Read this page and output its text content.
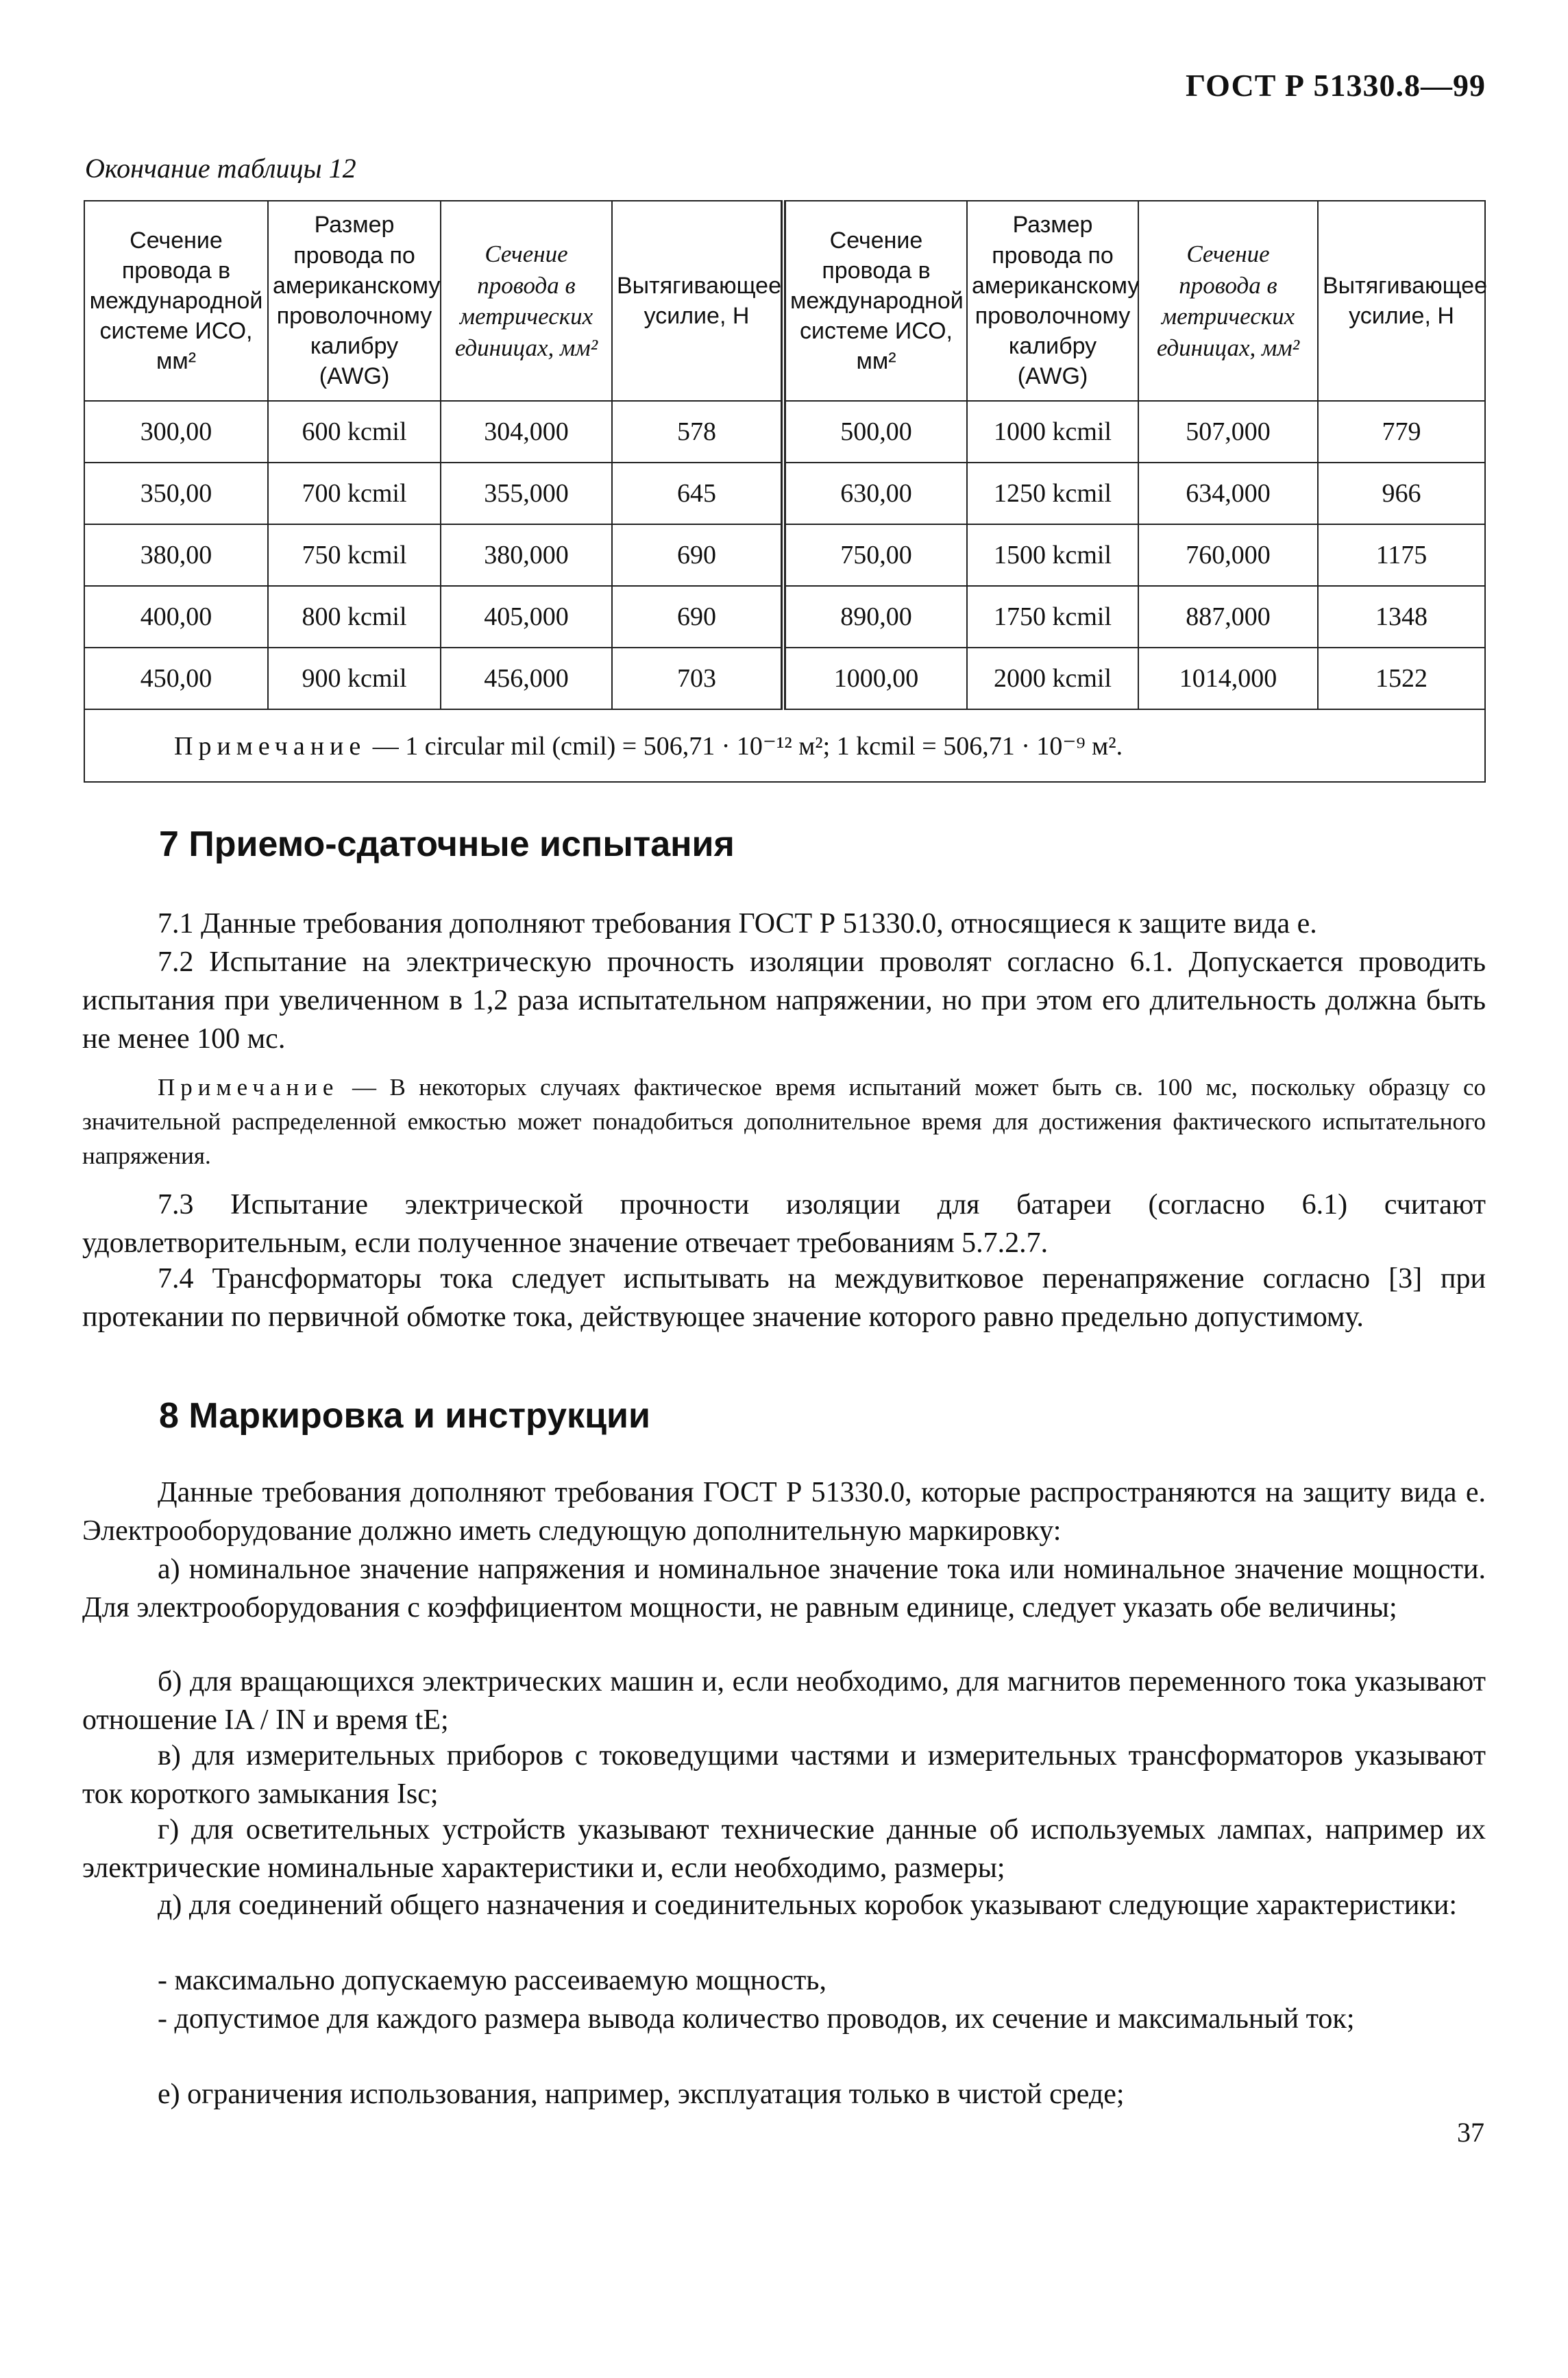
ГОСТ Р 51330.8—99
Окончание таблицы 12
Сечение провода в международной системе ИСО, мм²	Размер провода по американскому проволочному калибру (AWG)	Сечение провода в метрических единицах, мм²	Вытягивающее усилие, Н	Сечение провода в международной системе ИСО, мм²	Размер провода по американскому проволочному калибру (AWG)	Сечение провода в метрических единицах, мм²	Вытягивающее усилие, Н
300,00	600 kcmil	304,000	578	500,00	1000 kcmil	507,000	779
350,00	700 kcmil	355,000	645	630,00	1250 kcmil	634,000	966
380,00	750 kcmil	380,000	690	750,00	1500 kcmil	760,000	1175
400,00	800 kcmil	405,000	690	890,00	1750 kcmil	887,000	1348
450,00	900 kcmil	456,000	703	1000,00	2000 kcmil	1014,000	1522
Примечание — 1 circular mil (cmil) = 506,71 · 10⁻¹² м²; 1 kcmil = 506,71 · 10⁻⁹ м².							
7 Приемо-сдаточные испытания
7.1 Данные требования дополняют требования ГОСТ Р 51330.0, относящиеся к защите вида e.
7.2 Испытание на электрическую прочность изоляции проволят согласно 6.1. Допускается проводить испытания при увеличенном в 1,2 раза испытательном напряжении, но при этом его длительность должна быть не менее 100 мс.
Примечание — В некоторых случаях фактическое время испытаний может быть св. 100 мс, поскольку образцу со значительной распределенной емкостью может понадобиться дополнительное время для достижения фактического испытательного напряжения.
7.3 Испытание электрической прочности изоляции для батареи (согласно 6.1) считают удовлетворительным, если полученное значение отвечает требованиям 5.7.2.7.
7.4 Трансформаторы тока следует испытывать на междувитковое перенапряжение согласно [3] при протекании по первичной обмотке тока, действующее значение которого равно предельно допустимому.
8 Маркировка и инструкции
Данные требования дополняют требования ГОСТ Р 51330.0, которые распространяются на защиту вида e. Электрооборудование должно иметь следующую дополнительную маркировку:
а) номинальное значение напряжения и номинальное значение тока или номинальное значение мощности. Для электрооборудования с коэффициентом мощности, не равным единице, следует указать обе величины;
б) для вращающихся электрических машин и, если необходимо, для магнитов переменного тока указывают отношение IA / IN и время tE;
в) для измерительных приборов с токоведущими частями и измерительных трансформаторов указывают ток короткого замыкания Isc;
г) для осветительных устройств указывают технические данные об используемых лампах, например их электрические номинальные характеристики и, если необходимо, размеры;
д) для соединений общего назначения и соединительных коробок указывают следующие характеристики:
- максимально допускаемую рассеиваемую мощность,
- допустимое для каждого размера вывода количество проводов, их сечение и максимальный ток;
е) ограничения использования, например, эксплуатация только в чистой среде;
37
